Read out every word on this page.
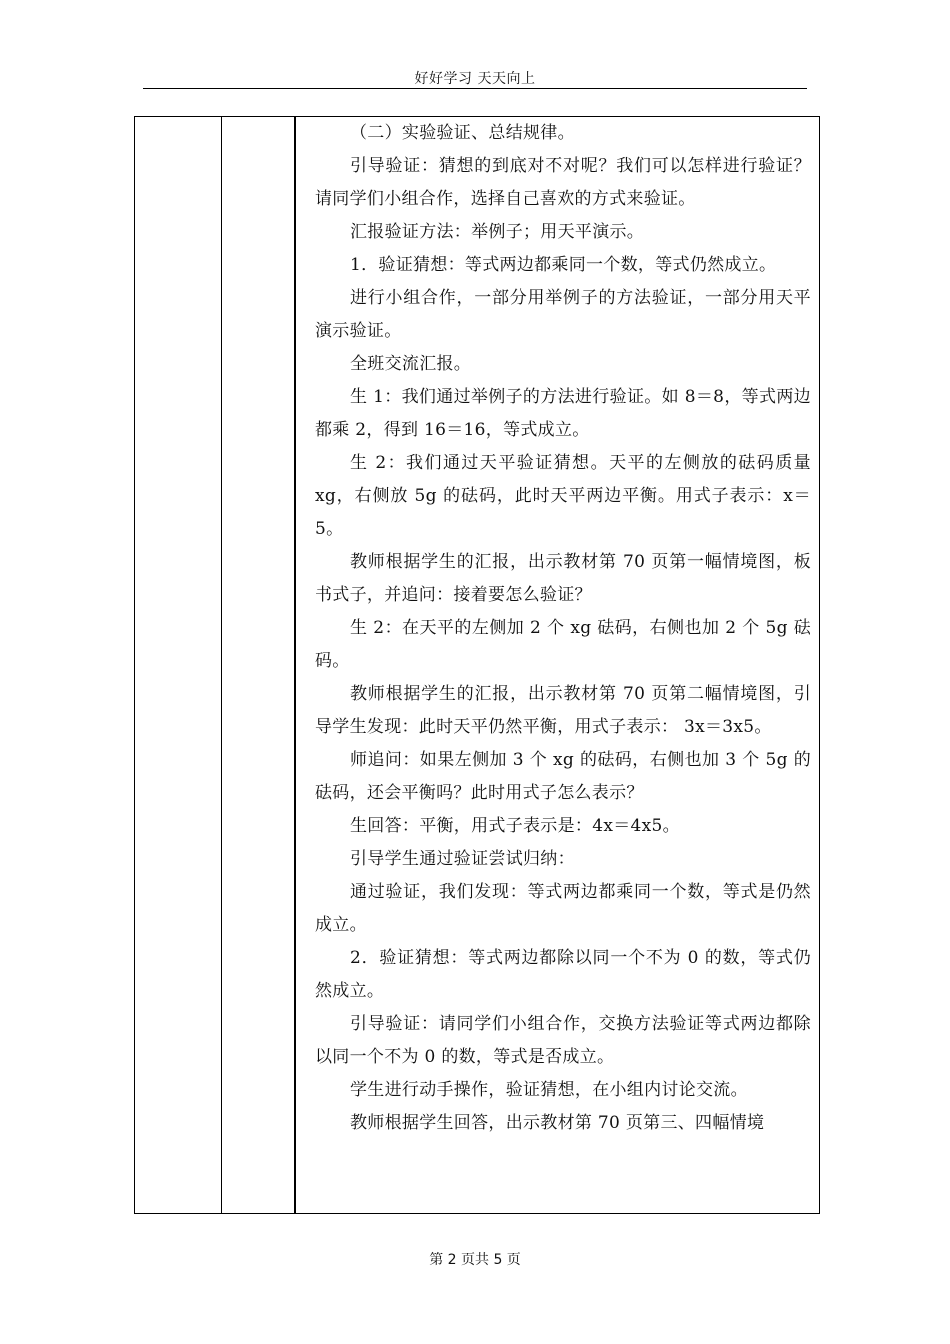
好好学习 天天向上

（二）实验验证、总结规律。

引导验证：猜想的到底对不对呢？我们可以怎样进行验证？请同学们小组合作，选择自己喜欢的方式来验证。

汇报验证方法：举例子；用天平演示。

1．验证猜想：等式两边都乘同一个数，等式仍然成立。

进行小组合作，一部分用举例子的方法验证，一部分用天平演示验证。

全班交流汇报。

生 1：我们通过举例子的方法进行验证。如 8＝8，等式两边都乘 2，得到 16＝16，等式成立。

生 2：我们通过天平验证猜想。天平的左侧放的砝码质量 xg，右侧放 5g 的砝码，此时天平两边平衡。用式子表示：x＝5。

教师根据学生的汇报，出示教材第 70 页第一幅情境图，板书式子，并追问：接着要怎么验证？

生 2：在天平的左侧加 2 个 xg 砝码，右侧也加 2 个 5g 砝码。

教师根据学生的汇报，出示教材第 70 页第二幅情境图，引导学生发现：此时天平仍然平衡，用式子表示： 3x＝3x5。

师追问：如果左侧加 3 个 xg 的砝码，右侧也加 3 个 5g 的砝码，还会平衡吗？此时用式子怎么表示？

生回答：平衡，用式子表示是：4x＝4x5。

引导学生通过验证尝试归纳：

通过验证，我们发现：等式两边都乘同一个数，等式是仍然成立。

2．验证猜想：等式两边都除以同一个不为 0 的数，等式仍然成立。

引导验证：请同学们小组合作，交换方法验证等式两边都除以同一个不为 0 的数，等式是否成立。

学生进行动手操作，验证猜想，在小组内讨论交流。

教师根据学生回答，出示教材第 70 页第三、四幅情境

第 2 页共 5 页
